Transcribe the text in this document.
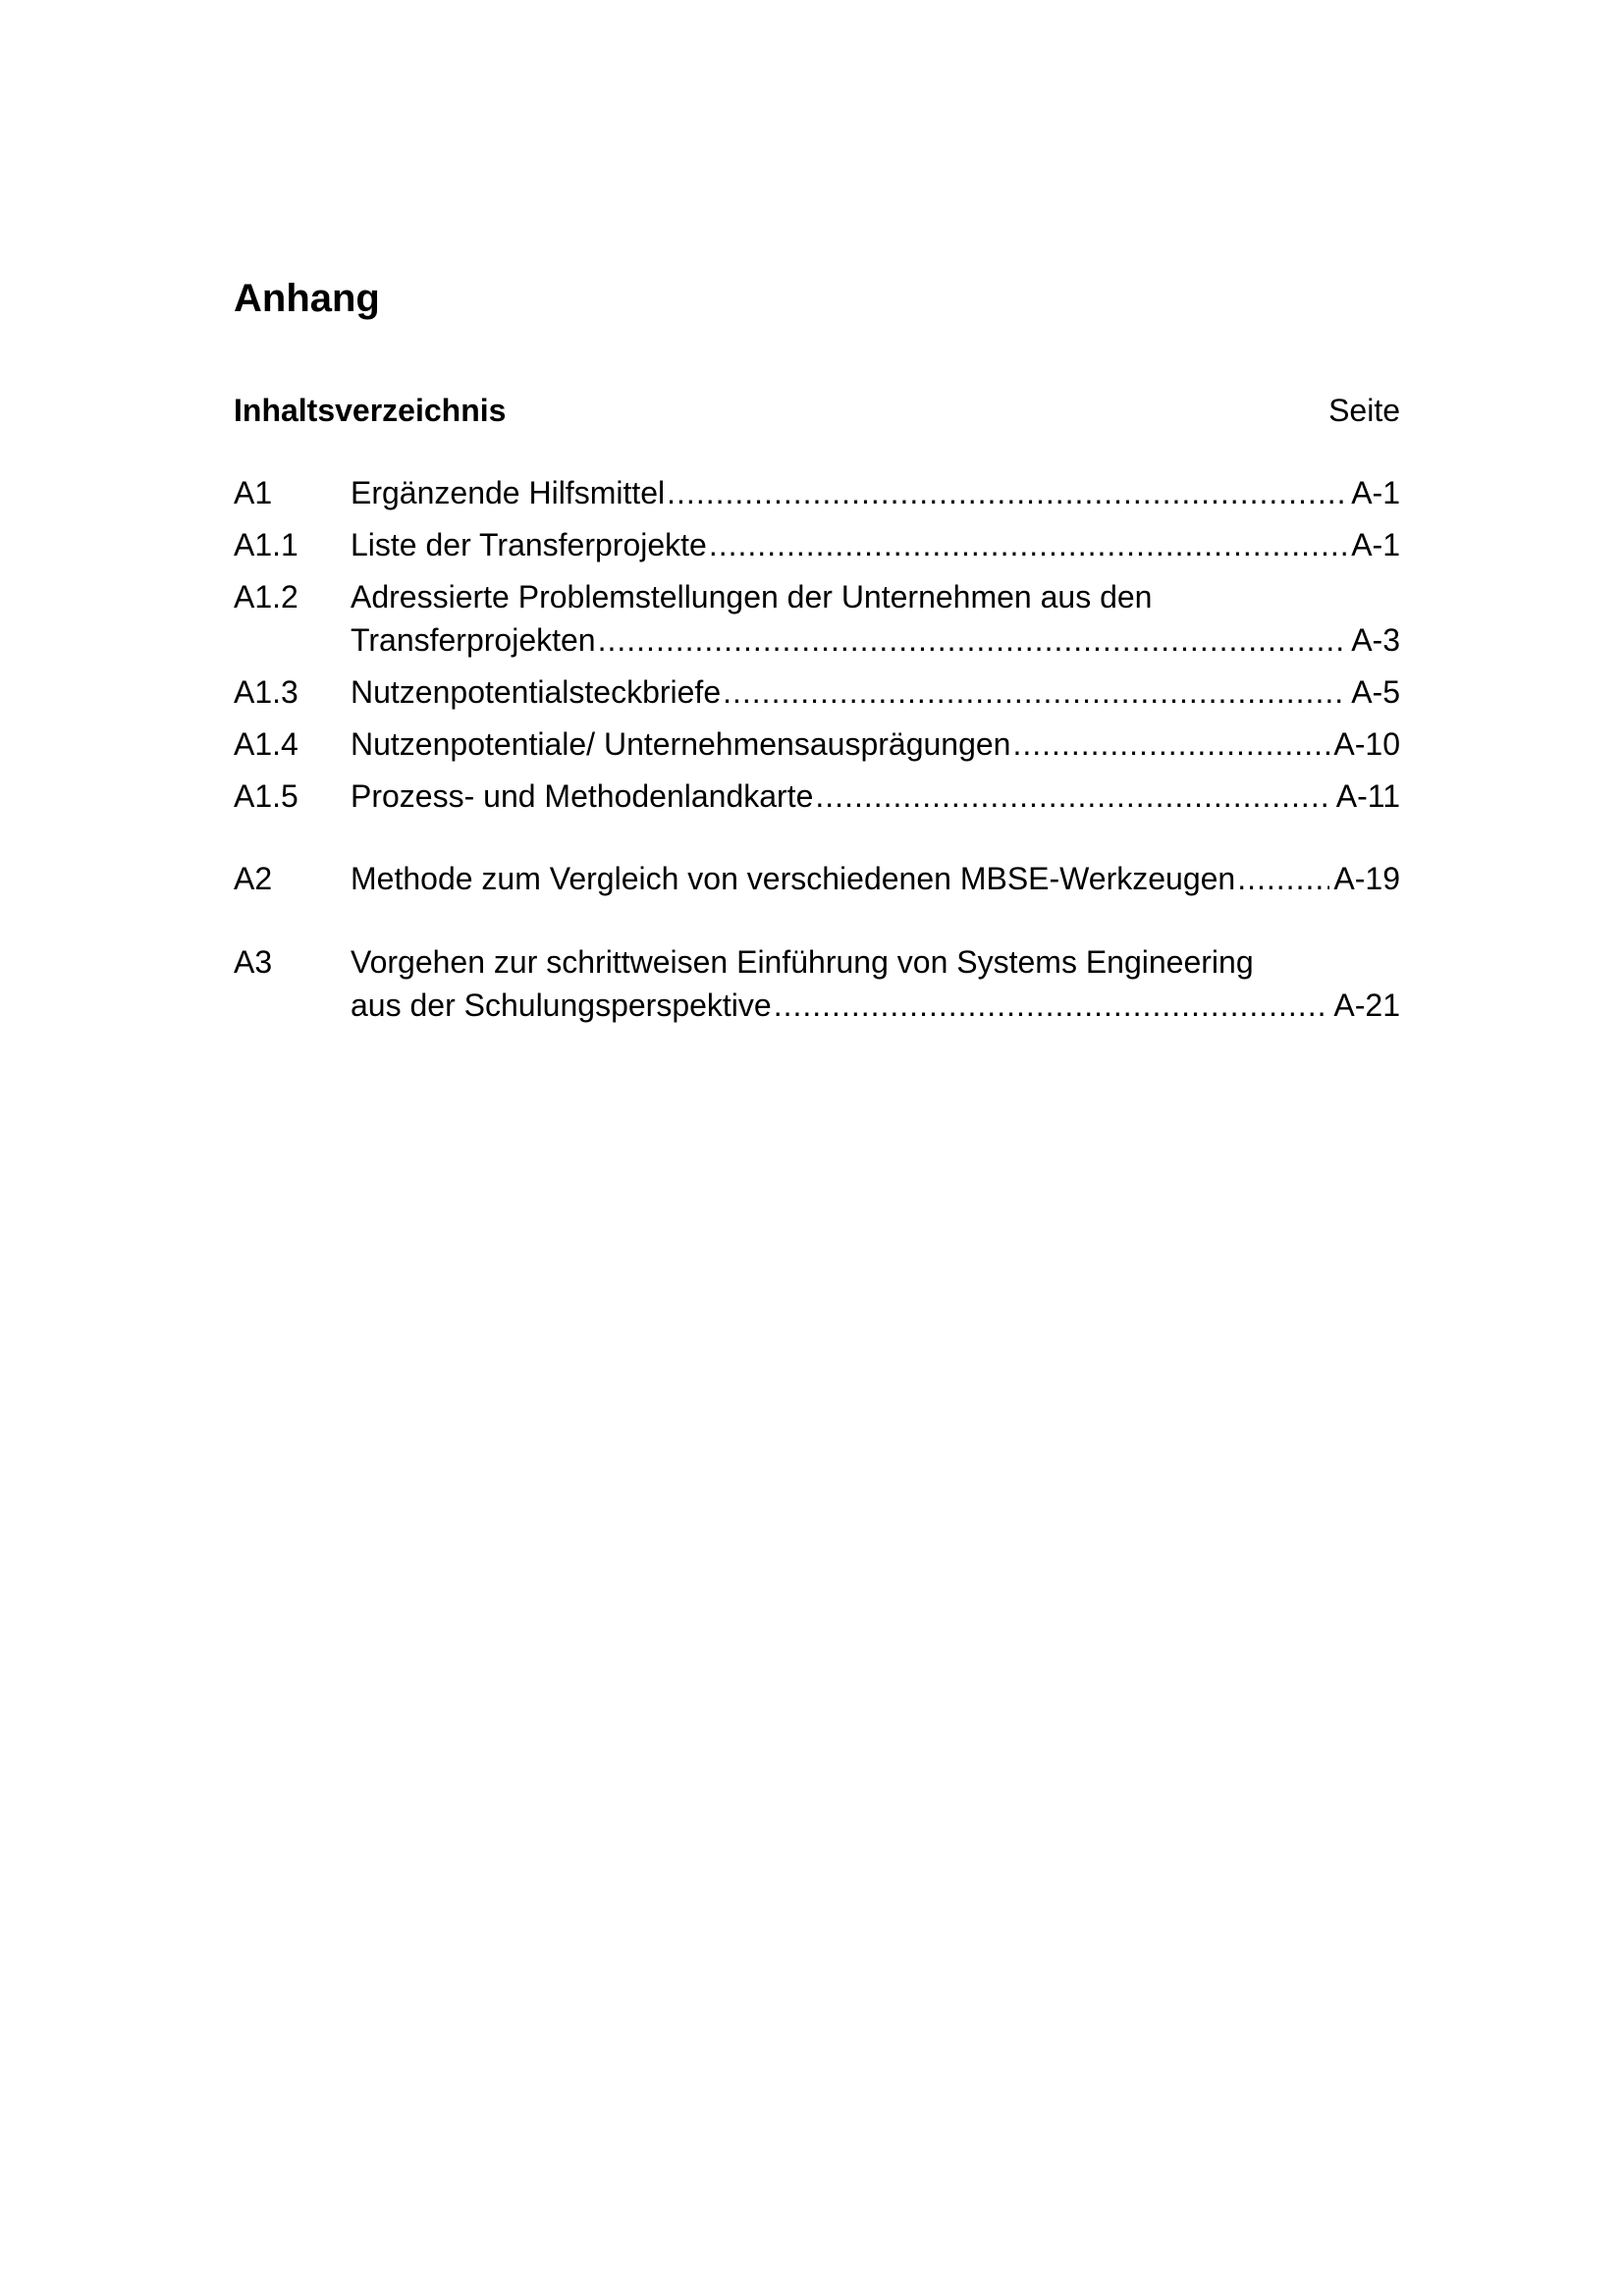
Anhang
Inhaltsverzeichnis	Seite
A1 Ergänzende Hilfsmittel .....	A-1
A1.1 Liste der Transferprojekte .....	A-1
A1.2 Adressierte Problemstellungen der Unternehmen aus den
Transferprojekten .....	A-3
A1.3 Nutzenpotentialsteckbriefe .....	A-5
A1.4 Nutzenpotentiale/ Unternehmensausprägungen .....	A-10
A1.5 Prozess- und Methodenlandkarte .....	A-11
A2 Methode zum Vergleich von verschiedenen MBSE-Werkzeugen .....	A-19
A3 Vorgehen zur schrittweisen Einführung von Systems Engineering
aus der Schulungsperspektive .....	A-21
